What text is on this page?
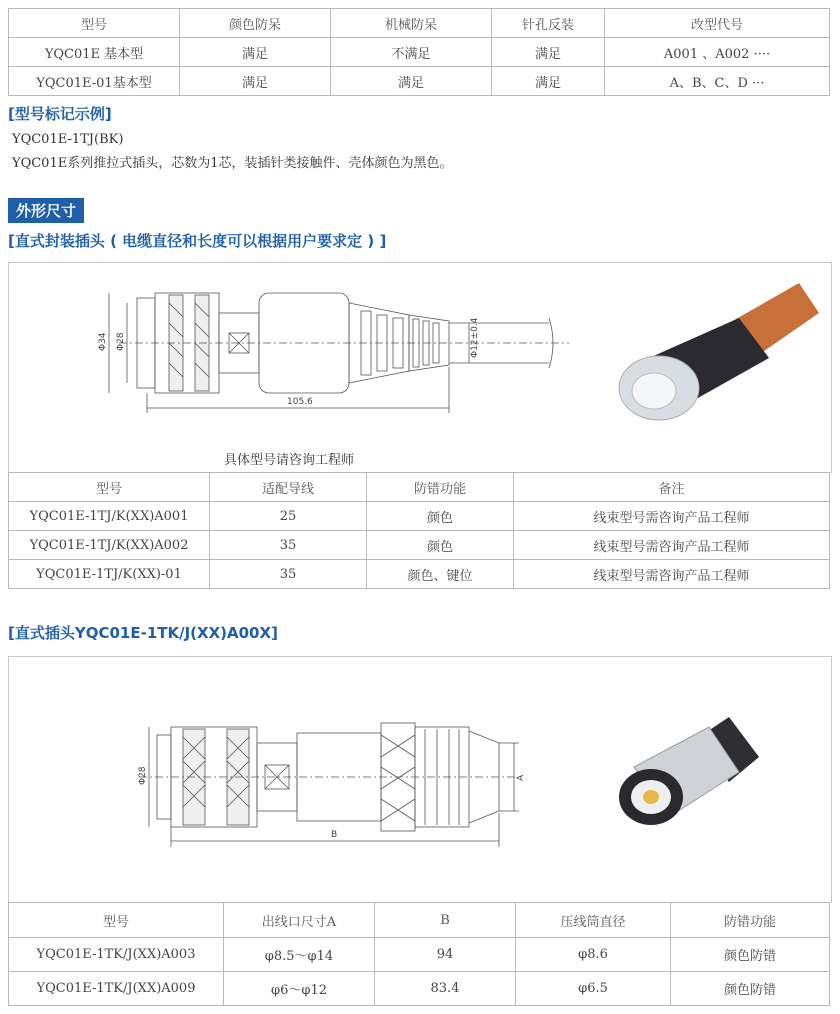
型号	颜色防呆	机械防呆	针孔反装	改型代号
YQC01E 基本型	满足	不满足	满足	A001 、A002 ····
YQC01E-01基本型	满足	满足	满足	A、B、C、D ···
[型号标记示例]
YQC01E-1TJ(BK)
YQC01E系列推拉式插头，芯数为1芯，装插针类接触件、壳体颜色为黑色。
外形尺寸
[直式封装插头 ( 电缆直径和长度可以根据用户要求定 ) ]
Φ34 Φ28	Φ12±0.4
105.6
具体型号请咨询工程师
型号	适配导线	防错功能	备注
YQC01E-1TJ/K(XX)A001	25	颜色	线束型号需咨询产品工程师
YQC01E-1TJ/K(XX)A002	35	颜色	线束型号需咨询产品工程师
YQC01E-1TJ/K(XX)-01	35	颜色、键位	线束型号需咨询产品工程师
[直式插头YQC01E-1TK/J(XX)A00X]
Φ28	A
B
型号	出线口尺寸A	B	压线筒直径	防错功能
YQC01E-1TK/J(XX)A003	φ8.5～φ14	94	φ8.6	颜色防错
YQC01E-1TK/J(XX)A009	φ6～φ12	83.4	φ6.5	颜色防错
